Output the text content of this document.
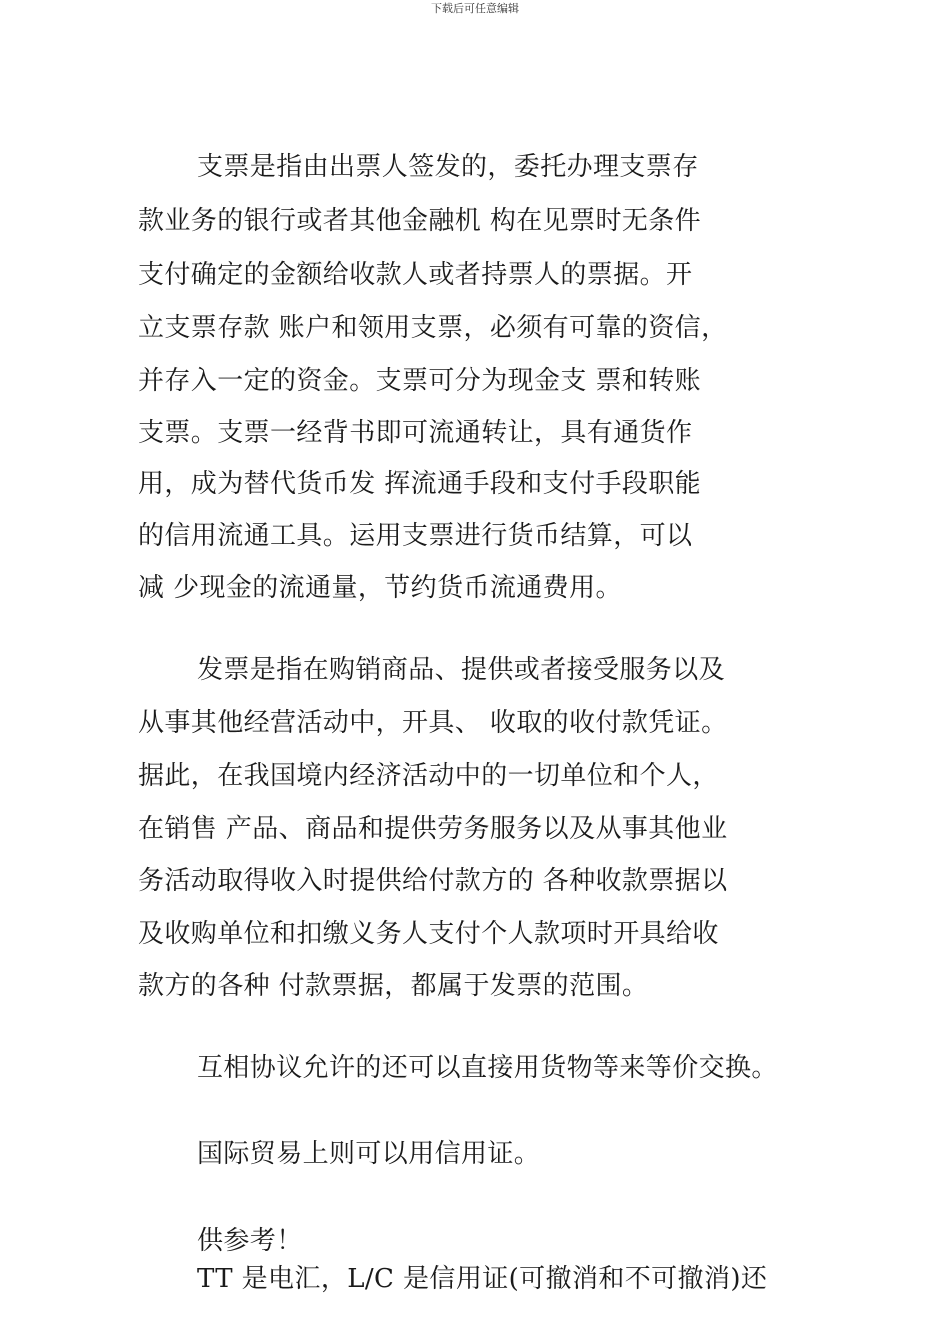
下载后可任意编辑
支票是指由出票人签发的，委托办理支票存
款业务的银行或者其他金融机 构在见票时无条件
支付确定的金额给收款人或者持票人的票据。开
立支票存款 账户和领用支票，必须有可靠的资信，
并存入一定的资金。支票可分为现金支 票和转账
支票。支票一经背书即可流通转让，具有通货作
用，成为替代货币发 挥流通手段和支付手段职能
的信用流通工具。运用支票进行货币结算，可以
减 少现金的流通量，节约货币流通费用。
发票是指在购销商品、提供或者接受服务以及
从事其他经营活动中，开具、 收取的收付款凭证。
据此，在我国境内经济活动中的一切单位和个人，
在销售 产品、商品和提供劳务服务以及从事其他业
务活动取得收入时提供给付款方的 各种收款票据以
及收购单位和扣缴义务人支付个人款项时开具给收
款方的各种 付款票据，都属于发票的范围。
互相协议允许的还可以直接用货物等来等价交换。
国际贸易上则可以用信用证。
供参考！
TT 是电汇，L/C 是信用证(可撤消和不可撤消)还
